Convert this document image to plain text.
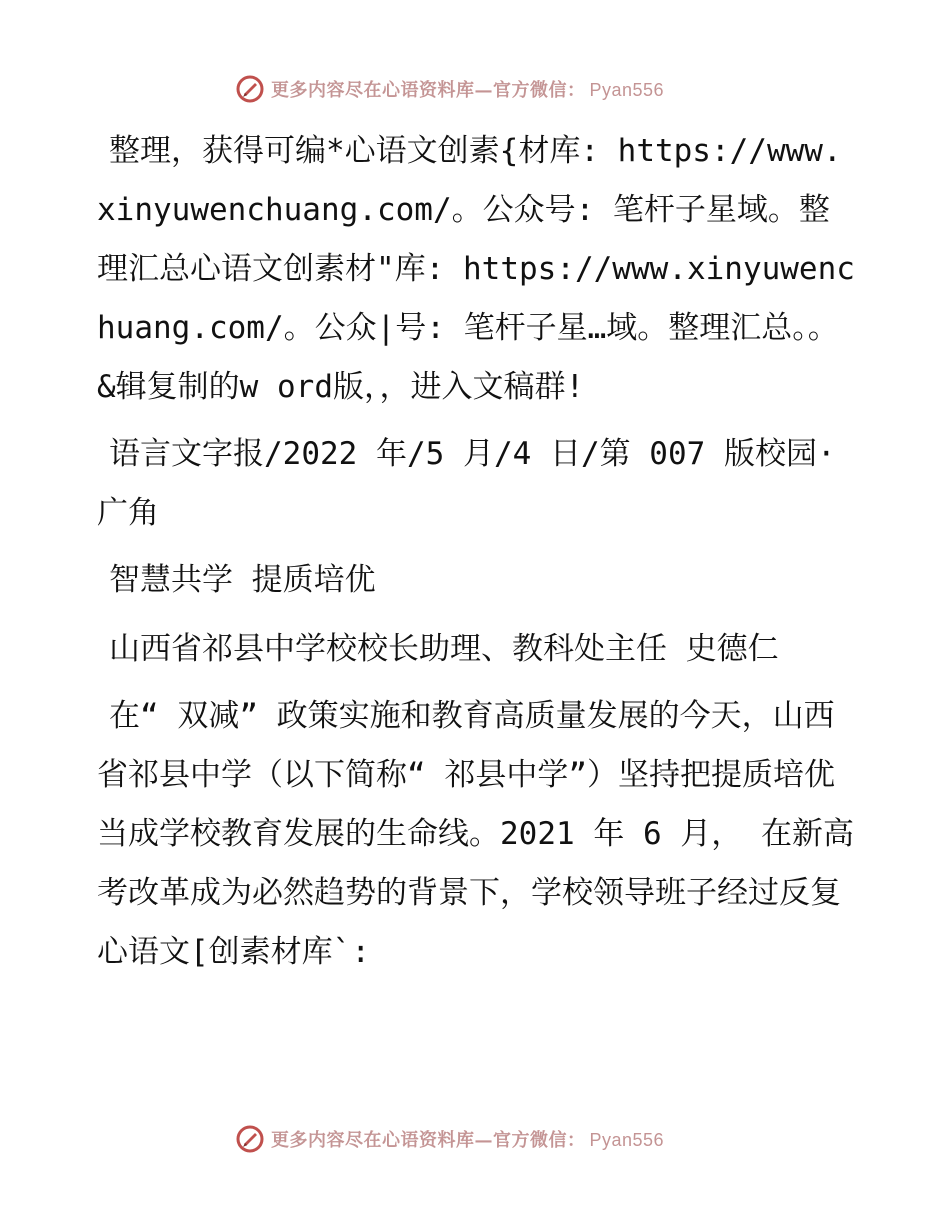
更多内容尽在心语资料库—官方微信： Pyan556

整理，获得可编*心语文创素{材库: https://www.xinyuwenchuang.com/。公众号: 笔杆子星域。整理汇总心语文创素材"库: https://www.xinyuwenchuang.com/。公众|号: 笔杆子星…域。整理汇总。。&辑复制的w ord版，，进入文稿群!

语言文字报/2022 年/5 月/4 日/第 007 版校园· 广角

智慧共学 提质培优

山西省祁县中学校校长助理、教科处主任 史德仁

在“ 双减” 政策实施和教育高质量发展的今天，山西省祁县中学（以下简称“ 祁县中学”）坚持把提质培优当成学校教育发展的生命线。2021 年 6 月， 在新高考改革成为必然趋势的背景下，学校领导班子经过反复心语文[创素材库`:

更多内容尽在心语资料库—官方微信： Pyan556
